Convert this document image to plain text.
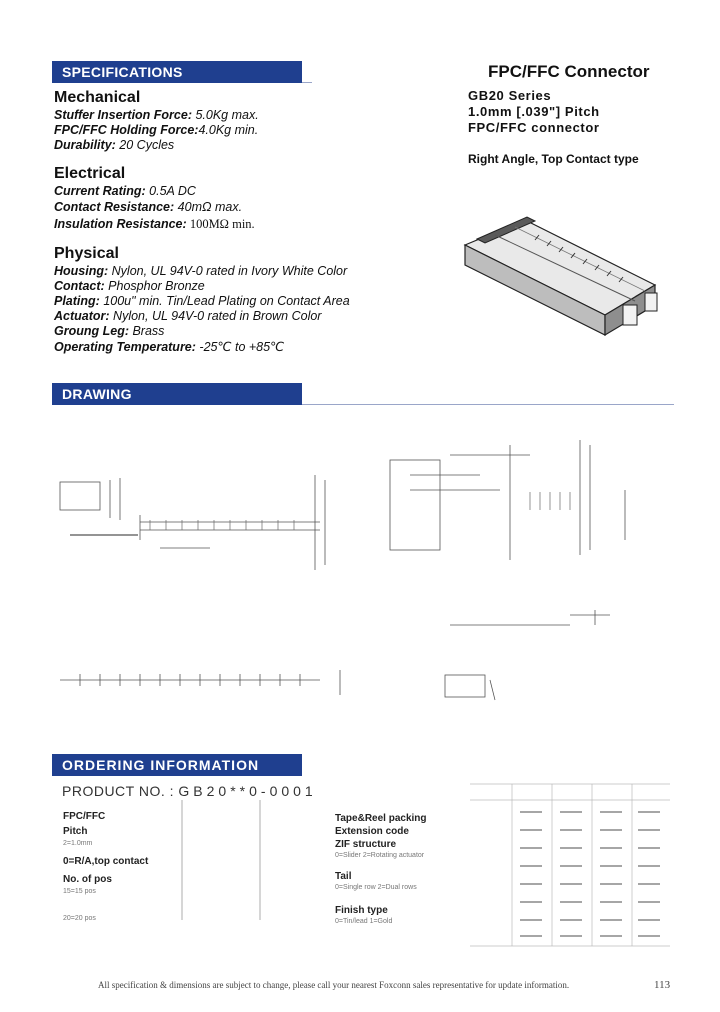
SPECIFICATIONS
Mechanical
Stuffer Insertion Force: 5.0Kg max.
FPC/FFC Holding Force:4.0Kg min.
Durability: 20 Cycles
Electrical
Current Rating: 0.5A DC
Contact Resistance: 40mΩ max.
Insulation Resistance: 100MΩ min.
Physical
Housing: Nylon, UL 94V-0 rated in Ivory White Color
Contact: Phosphor Bronze
Plating: 100u" min. Tin/Lead Plating on Contact Area
Actuator: Nylon, UL 94V-0 rated in Brown Color
Groung Leg: Brass
Operating Temperature: -25℃ to +85℃
FPC/FFC Connector
GB20 Series
1.0mm [.039"] Pitch
FPC/FFC connector
Right Angle, Top Contact type
DRAWING
ORDERING INFORMATION
PRODUCT NO. : GB20**0-0001
FPC/FFC
Pitch
2=1.0mm
0=R/A,top contact
No. of pos
15=15 pos
20=20 pos
Tape&Reel packing
Extension code
ZIF structure
0=Slider 2=Rotating actuator
Tail
0=Single row 2=Dual rows
Finish type
0=Tin/lead 1=Gold
All specification & dimensions are subject to change, please call your nearest Foxconn sales representative for update information.	113
